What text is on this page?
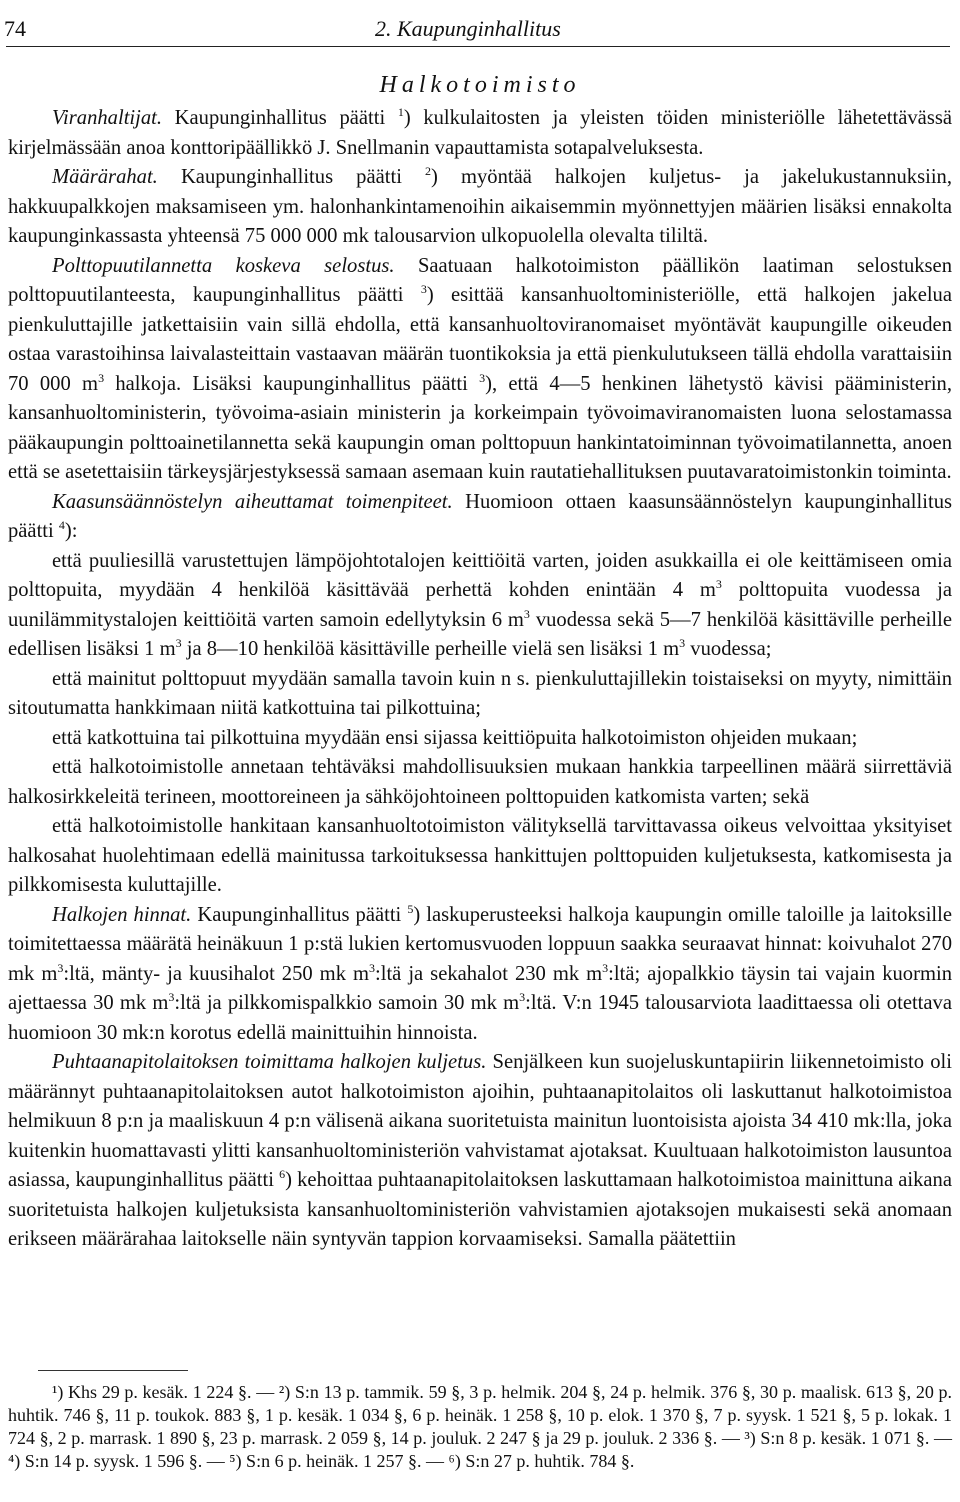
74	2. Kaupunginhallitus
Halkotoimisto

Viranhaltijat. Kaupunginhallitus päätti $^1$) kulkulaitosten ja yleisten töiden ministeriölle lähetettävässä kirjelmässään anoa konttoripäällikkö J. Snellmanin vapauttamista sotapalveluksesta.

Määrärahat. Kaupunginhallitus päätti $^2$) myöntää halkojen kuljetus- ja jakelukustannuksiin, hakkuupalkkojen maksamiseen ym. halonhankintamenoihin aikaisemmin myönnettyjen määrien lisäksi ennakolta kaupunginkassasta yhteensä 75 000 000 mk talousarvion ulkopuolella olevalta tililtä.

Polttopuutilannetta koskeva selostus. Saatuaan halkotoimiston päällikön laatiman selostuksen polttopuutilanteesta, kaupunginhallitus päätti $^3$) esittää kansanhuoltoministeriölle, että halkojen jakelua pienkuluttajille jatkettaisiin vain sillä ehdolla, että kansanhuoltoviranomaiset myöntävät kaupungille oikeuden ostaa varastoihinsa laivalasteittain vastaavan määrän tuontikoksia ja että pienkulutukseen tällä ehdolla varattaisiin 70 000 $m^3$ halkoja. Lisäksi kaupunginhallitus päätti $^3$), että 4—5 henkinen lähetystö kävisi pääministerin, kansanhuoltoministerin, työvoima-asiain ministerin ja korkeimpain työvoimaviranomaisten luona selostamassa pääkaupungin polttoainetilannetta sekä kaupungin oman polttopuun hankintatoiminnan työvoimatilannetta, anoen että se asetettaisiin tärkeysjärjestyksessä samaan asemaan kuin rautatiehallituksen puutavaratoimistonkin toiminta.

Kaasunsäännöstelyn aiheuttamat toimenpiteet. Huomioon ottaen kaasunsäännöstelyn kaupunginhallitus päätti $^4$):

että puuliesillä varustettujen lämpöjohtotalojen keittiöitä varten, joiden asukkailla ei ole keittämiseen omia polttopuita, myydään 4 henkilöä käsittävää perhettä kohden enintään 4 $m^3$ polttopuita vuodessa ja uunilämmitystalojen keittiöitä varten samoin edellytyksin 6 $m^3$ vuodessa sekä 5—7 henkilöä käsittäville perheille edellisen lisäksi 1 $m^3$ ja 8—10 henkilöä käsittäville perheille vielä sen lisäksi 1 $m^3$ vuodessa;

että mainitut polttopuut myydään samalla tavoin kuin n s. pienkuluttajillekin toistaiseksi on myyty, nimittäin sitoutumatta hankkimaan niitä katkottuina tai pilkottuina;

että katkottuina tai pilkottuina myydään ensi sijassa keittiöpuita halkotoimiston ohjeiden mukaan;

että halkotoimistolle annetaan tehtäväksi mahdollisuuksien mukaan hankkia tarpeellinen määrä siirrettäviä halkosirkkeleitä terineen, moottoreineen ja sähköjohtoineen polttopuiden katkomista varten; sekä

että halkotoimistolle hankitaan kansanhuoltotoimiston välityksellä tarvittavassa oikeus velvoittaa yksityiset halkosahat huolehtimaan edellä mainitussa tarkoituksessa hankittujen polttopuiden kuljetuksesta, katkomisesta ja pilkkomisesta kuluttajille.

Halkojen hinnat. Kaupunginhallitus päätti $^5$) laskuperusteeksi halkoja kaupungin omille taloille ja laitoksille toimitettaessa määrätä heinäkuun 1 p:stä lukien kertomusvuoden loppuun saakka seuraavat hinnat: koivuhalot 270 mk $m^3:ltä$, mänty- ja kuusihalot 250 mk $m^3:ltä$ ja sekahalot 230 mk $m^3:ltä$; ajopalkkio täysin tai vajain kuormin ajettaessa 30 mk $m^3:ltä$ ja pilkkomispalkkio samoin 30 mk $m^3:ltä$. V:n 1945 talousarviota laadittaessa oli otettava huomioon 30 mk:n korotus edellä mainittuihin hinnoista.

Puhtaanapitolaitoksen toimittama halkojen kuljetus. Senjälkeen kun suojeluskuntapiirin liikennetoimisto oli määrännyt puhtaanapitolaitoksen autot halkotoimiston ajoihin, puhtaanapitolaitos oli laskuttanut halkotoimistoa helmikuun 8 p:n ja maaliskuun 4 p:n välisenä aikana suoritetuista mainitun luontoisista ajoista 34 410 mk:lla, joka kuitenkin huomattavasti ylitti kansanhuoltoministeriön vahvistamat ajotaksat. Kuultuaan halkotoimiston lausuntoa asiassa, kaupunginhallitus päätti $^6$) kehoittaa puhtaanapitolaitoksen laskuttamaan halkotoimistoa mainittuna aikana suoritetuista halkojen kuljetuksista kansanhuoltoministeriön vahvistamien ajotaksojen mukaisesti sekä anomaan erikseen määrärahaa laitokselle näin syntyvän tappion korvaamiseksi. Samalla päätettiin

¹) Khs 29 p. kesäk. 1 224 §. — ²) S:n 13 p. tammik. 59 §, 3 p. helmik. 204 §, 24 p. helmik. 376 §, 30 p. maalisk. 613 §, 20 p. huhtik. 746 §, 11 p. toukok. 883 §, 1 p. kesäk. 1 034 §, 6 p. heinäk. 1 258 §, 10 p. elok. 1 370 §, 7 p. syysk. 1 521 §, 5 p. lokak. 1 724 §, 2 p. marrask. 1 890 §, 23 p. marrask. 2 059 §, 14 p. jouluk. 2 247 § ja 29 p. jouluk. 2 336 §. — ³) S:n 8 p. kesäk. 1 071 §. — ⁴) S:n 14 p. syysk. 1 596 §. — ⁵) S:n 6 p. heinäk. 1 257 §. — ⁶) S:n 27 p. huhtik. 784 §.
